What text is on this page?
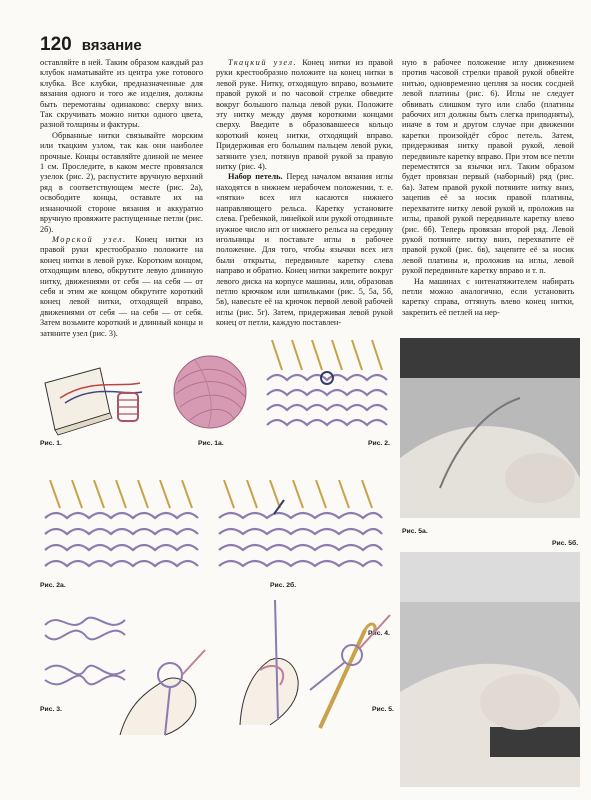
120 вязание

оставляйте в ней. Таким образом каждый раз клубок наматывайте из центра уже готового клубка. Все клубки, предназначенные для вязания одного и того же изделия, должны быть перемотаны одинаково: сверху вниз. Так скручивать можно нитки одного цвета, разной толщины и фактуры.

Обрванные нитки связывайте морским или ткацким узлом, так как они наиболее прочные. Концы оставляйте длиной не менее 1 см. Проследите, в каком месте провязался узелок (рис. 2), распустите вручную верхний ряд в соответствующем месте (рис. 2а), освободите концы, оставьте их на изнаночной стороне вязания и аккуратно вручную провяжите распущенные петли (рис. 2б).

Морской узел. Конец нитки из правой руки крестообразно положите на конец нитки в левой руке. Коротким концом, отходящим влево, обкрутите левую длинную нитку, движениями от себя — на себя — от себя и этим же концом обкрутите короткий конец левой нитки, отходящей вправо, движениями от себя — на себя — от себя. Затем возьмите короткий и длинный концы и затяните узел (рис. 3).

Ткацкий узел. Конец нитки из правой руки крестообразно положите на конец нитки в левой руке. Нитку, отходящую вправо, возьмите правой рукой и по часовой стрелке обведите вокруг большого пальца левой руки. Положите эту нитку между двумя короткими концами сверху. Введите в образовавшееся кольцо короткий конец нитки, отходящий вправо. Придерживая его большим пальцем левой руки, затяните узел, потянув правой рукой за правую нитку (рис. 4).

Набор петель. Перед началом вязания иглы находятся в нижнем нерабочем положении, т. е. «пятки» всех игл касаются нижнего направляющего рельса. Каретку установите слева. Гребенкой, линейкой или рукой отодвиньте нужное число игл от нижнего рельса на середину игольницы и поставьте иглы в рабочее положение. Для того, чтобы язычки всех игл были открыты, передвиньте каретку слева направо и обратно. Конец нитки закрепите вокруг левого диска на корпусе машины, или, образовав петлю крючком или шпильками (рис. 5, 5а, 5б, 5в), навесьте её на крючок первой левой рабочей иглы (рис. 5г). Затем, придерживая левой рукой конец от петли, каждую поставлен-

ную в рабочее положение иглу движением против часовой стрелки правой рукой обвейте нитью, одновременно цепляя за носик сосдней левой платины (рис. 6). Иглы не следует обвивать слишком туго или слабо (платины рабочих игл должны быть слегка приподняты), иначе в том и другом случае при движении каретки произойдёт сброс петель. Затем, придерживая нитку правой рукой, левой передвиньте каретку вправо. При этом все петли переместятся за язычки игл. Таким образом будет провязан первый (наборный) ряд (рис. 6а). Затем правой рукой потяните нитку вниз, зацепив её за носик правой платины, перехватите нитку левой рукой и, проложив на иглы, правой рукой передвиньте каретку влево (рис. 6б). Теперь провязан второй ряд. Левой рукой потяните нитку вниз, перехватите её правой рукой (рис. 6в), зацепите её за носик левой платины и, проложив на иглы, левой рукой передвиньте каретку вправо и т. п.

На машинах с нитенатяжителем набирать петли можно аналогично, если установить каретку справа, оттянуть влево конец нитки, закрепить её петлей на нер-

Рис. 1.	Рис. 1а.	Рис. 2.
Рис. 2а.	Рис. 2б.
Рис. 3.
Рис. 4.
Рис. 5.
Рис. 5а.
Рис. 5б.
